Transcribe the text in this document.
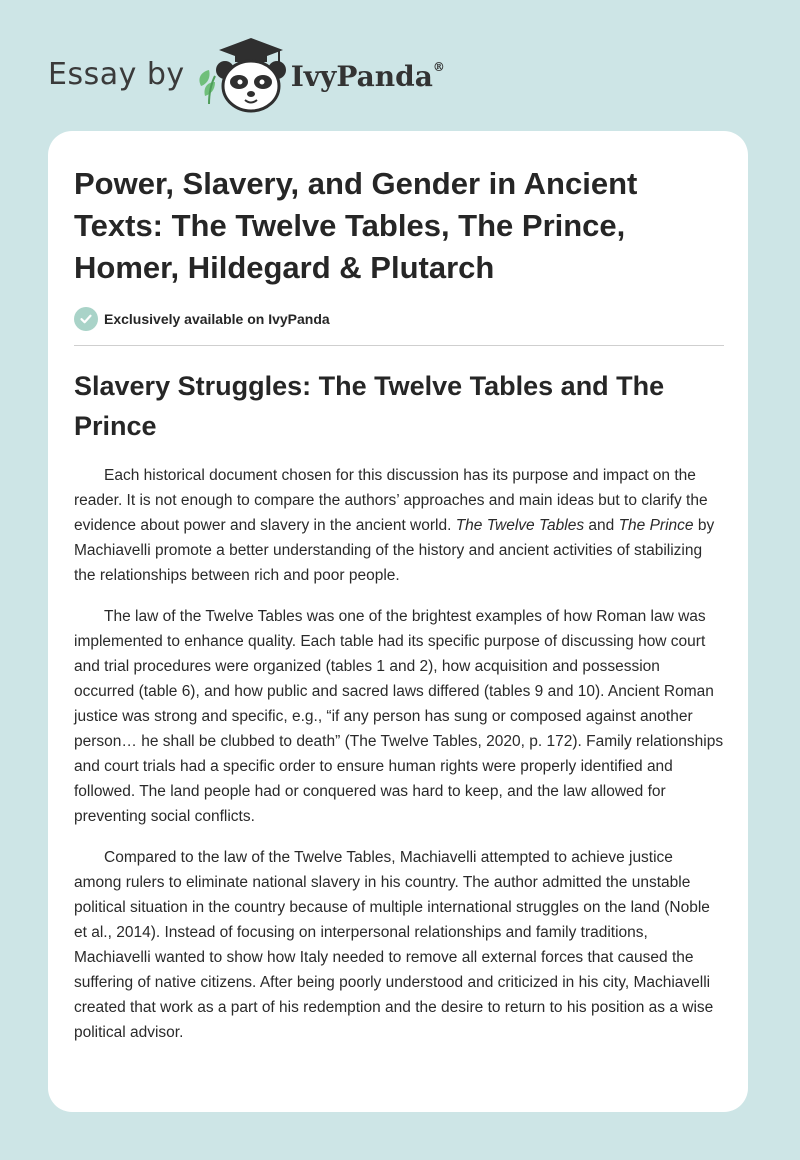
Essay by	IvyPanda®
Power, Slavery, and Gender in Ancient Texts: The Twelve Tables, The Prince, Homer, Hildegard & Plutarch
Exclusively available on IvyPanda
Slavery Struggles: The Twelve Tables and The Prince

Each historical document chosen for this discussion has its purpose and impact on the reader. It is not enough to compare the authors’ approaches and main ideas but to clarify the evidence about power and slavery in the ancient world. The Twelve Tables and The Prince by Machiavelli promote a better understanding of the history and ancient activities of stabilizing the relationships between rich and poor people.

The law of the Twelve Tables was one of the brightest examples of how Roman law was implemented to enhance quality. Each table had its specific purpose of discussing how court and trial procedures were organized (tables 1 and 2), how acquisition and possession occurred (table 6), and how public and sacred laws differed (tables 9 and 10). Ancient Roman justice was strong and specific, e.g., “if any person has sung or composed against another person… he shall be clubbed to death” (The Twelve Tables, 2020, p. 172). Family relationships and court trials had a specific order to ensure human rights were properly identified and followed. The land people had or conquered was hard to keep, and the law allowed for preventing social conflicts.

Compared to the law of the Twelve Tables, Machiavelli attempted to achieve justice among rulers to eliminate national slavery in his country. The author admitted the unstable political situation in the country because of multiple international struggles on the land (Noble et al., 2014). Instead of focusing on interpersonal relationships and family traditions, Machiavelli wanted to show how Italy needed to remove all external forces that caused the suffering of native citizens. After being poorly understood and criticized in his city, Machiavelli created that work as a part of his redemption and the desire to return to his position as a wise political advisor.
